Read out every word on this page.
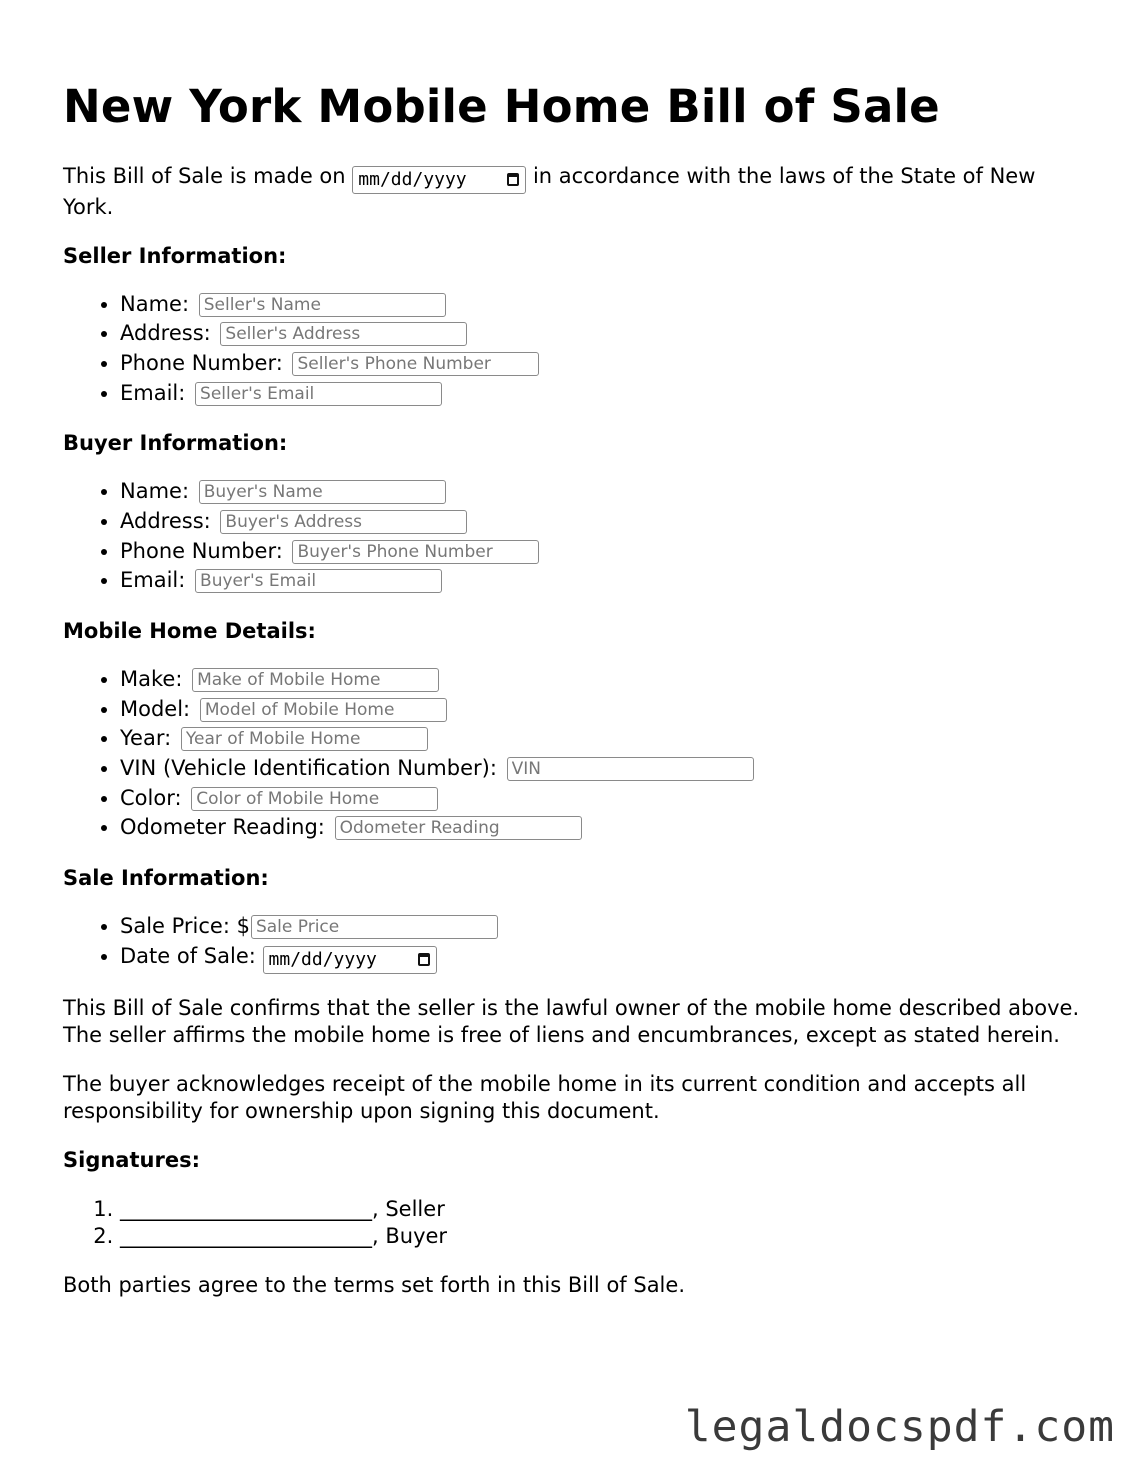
New York Mobile Home Bill of Sale

This Bill of Sale is made on mm/dd/yyyy	in accordance with the laws of the State of New York.

Seller Information:
• Name: Seller's Name
• Address: Seller's Address
• Phone Number: Seller's Phone Number
• Email: Seller's Email
Buyer Information:
• Name: Buyer's Name
• Address: Buyer's Address
• Phone Number: Buyer's Phone Number
• Email: Buyer's Email
Mobile Home Details:
• Make: Make of Mobile Home
• Model: Model of Mobile Home
• Year: Year of Mobile Home
• VIN (Vehicle Identification Number): VIN
• Color: Color of Mobile Home
• Odometer Reading: Odometer Reading
Sale Information:
• Sale Price: $Sale Price
• Date of Sale: mm/dd/yyyy

This Bill of Sale confirms that the seller is the lawful owner of the mobile home described above. The seller affirms the mobile home is free of liens and encumbrances, except as stated herein.

The buyer acknowledges receipt of the mobile home in its current condition and accepts all responsibility for ownership upon signing this document.

Signatures:
1. ________________________, Seller
2. ________________________, Buyer

Both parties agree to the terms set forth in this Bill of Sale.

legaldocspdf.com
